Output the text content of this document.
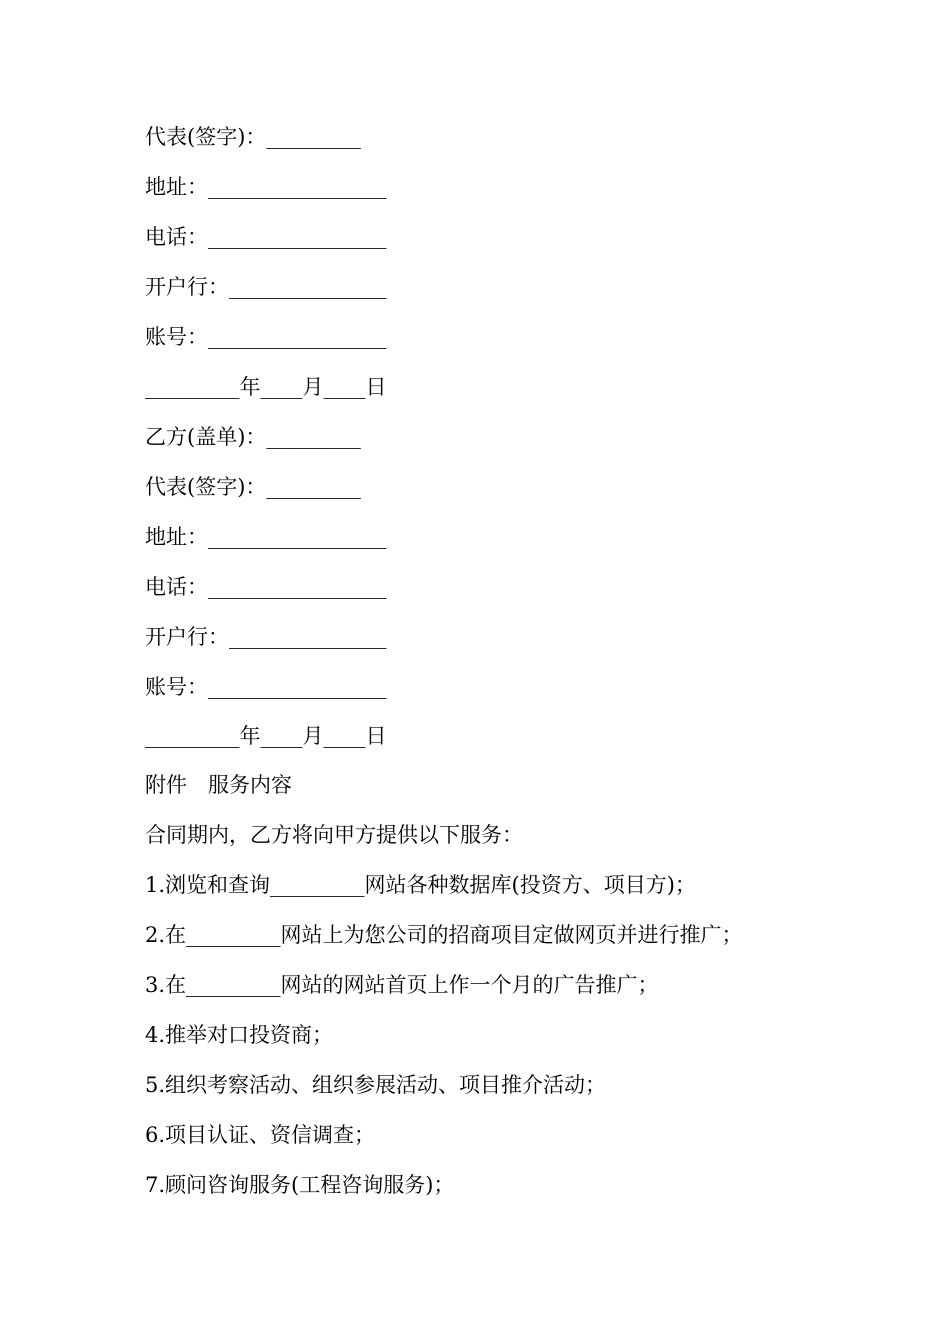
代表(签字)：_________
地址：_________________
电话：_________________
开户行：_______________
账号：_________________
_________年____月____日
乙方(盖单)：_________
代表(签字)：_________
地址：_________________
电话：_________________
开户行：_______________
账号：_________________
_________年____月____日
附件　服务内容
合同期内，乙方将向甲方提供以下服务：
1.浏览和查询_________网站各种数据库(投资方、项目方)；
2.在_________网站上为您公司的招商项目定做网页并进行推广；
3.在_________网站的网站首页上作一个月的广告推广；
4.推举对口投资商；
5.组织考察活动、组织参展活动、项目推介活动；
6.项目认证、资信调查；
7.顾问咨询服务(工程咨询服务)；
